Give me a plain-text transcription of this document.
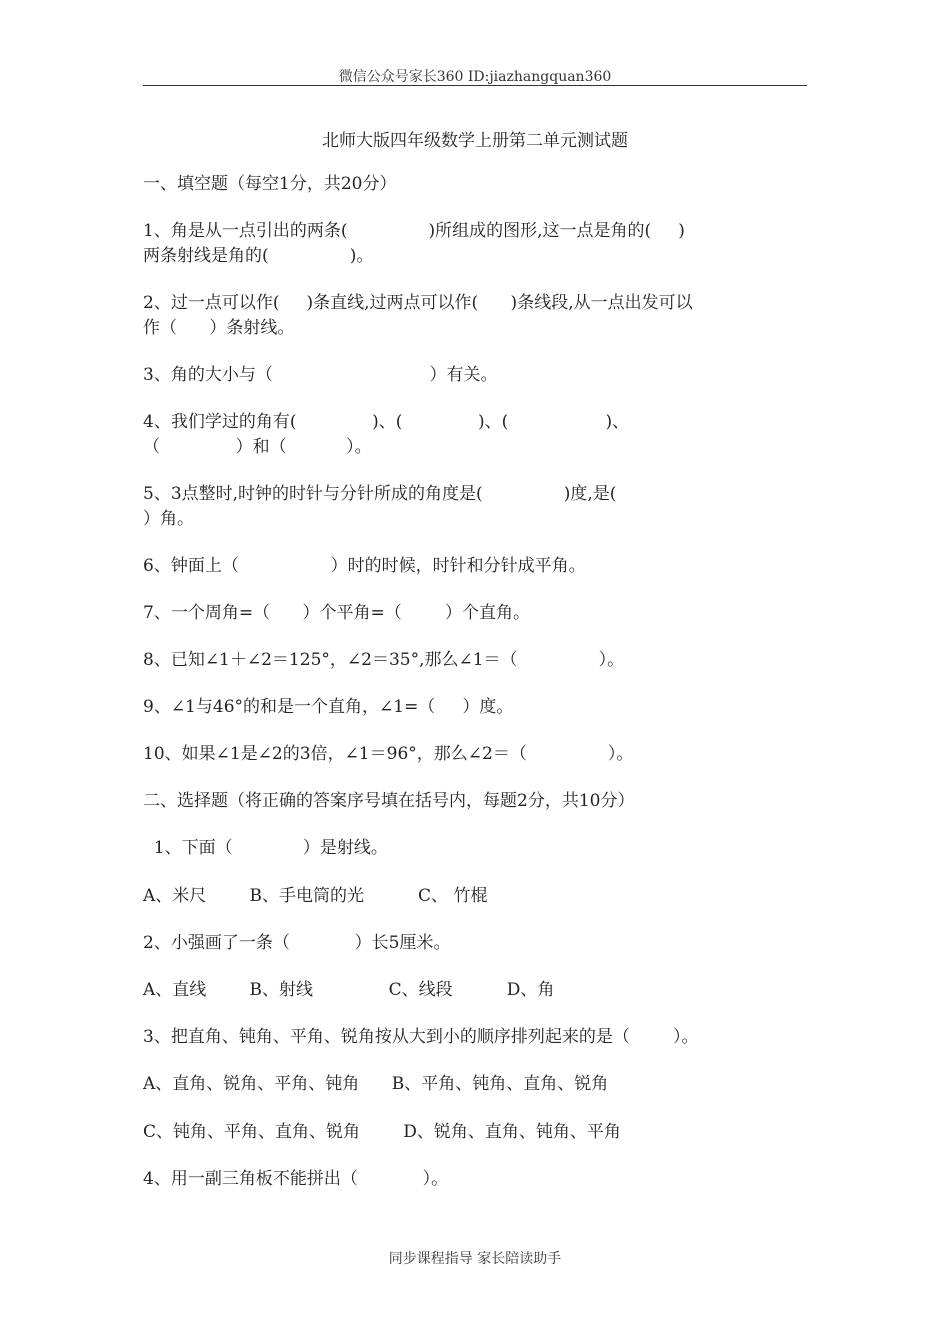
微信公众号家长360 ID:jiazhangquan360
北师大版四年级数学上册第二单元测试题
一、填空题（每空1分，共20分）
1、角是从一点引出的两条(               )所组成的图形,这一点是角的(     )
两条射线是角的(               )。
2、过一点可以作(     )条直线,过两点可以作(      )条线段,从一点出发可以
作（      ）条射线。
3、角的大小与（                             ）有关。
4、我们学过的角有(              )、(              )、(                  )、
（              ）和（           ）。
5、3点整时,时钟的时针与分针所成的角度是(               )度,是(
）角。
6、钟面上（                 ）时的时候，时针和分针成平角。
7、一个周角=（      ）个平角=（        ）个直角。
8、已知∠1＋∠2＝125°，∠2＝35°,那么∠1＝（               ）。
9、∠1与46°的和是一个直角，∠1=（     ）度。
10、如果∠1是∠2的3倍，∠1＝96°，那么∠2＝（               ）。
二、选择题（将正确的答案序号填在括号内，每题2分，共10分）
1、下面（             ）是射线。
A、米尺        B、手电筒的光          C、 竹棍
2、小强画了一条（            ）长5厘米。
A、直线        B、射线              C、线段          D、角
3、把直角、钝角、平角、锐角按从大到小的顺序排列起来的是（        ）。
A、直角、锐角、平角、钝角      B、平角、钝角、直角、锐角
C、钝角、平角、直角、锐角        D、锐角、直角、钝角、平角
4、用一副三角板不能拼出（            ）。
同步课程指导 家长陪读助手
